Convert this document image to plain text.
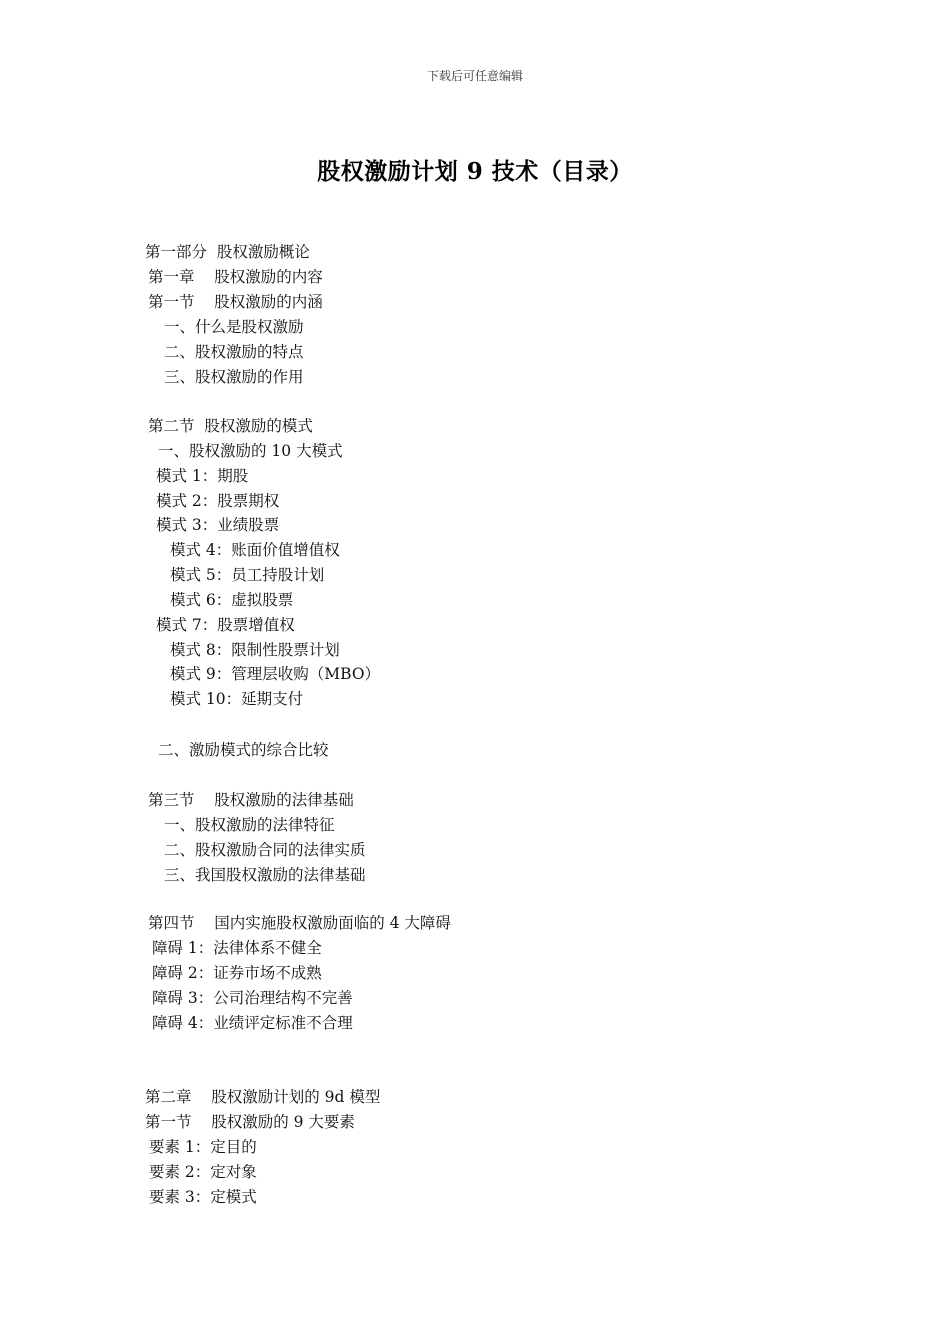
下载后可任意编辑
股权激励计划 9 技术（目录）
第一部分  股权激励概论
第一章    股权激励的内容
第一节    股权激励的内涵
一、什么是股权激励
二、股权激励的特点
三、股权激励的作用
第二节  股权激励的模式
一、股权激励的 10 大模式
模式 1：期股
模式 2：股票期权
模式 3：业绩股票
模式 4：账面价值增值权
模式 5：员工持股计划
模式 6：虚拟股票
模式 7：股票增值权
模式 8：限制性股票计划
模式 9：管理层收购（MBO）
模式 10：延期支付
二、激励模式的综合比较
第三节    股权激励的法律基础
一、股权激励的法律特征
二、股权激励合同的法律实质
三、我国股权激励的法律基础
第四节    国内实施股权激励面临的 4 大障碍
障碍 1：法律体系不健全
障碍 2：证券市场不成熟
障碍 3：公司治理结构不完善
障碍 4：业绩评定标准不合理
第二章    股权激励计划的 9d 模型
第一节    股权激励的 9 大要素
要素 1：定目的
要素 2：定对象
要素 3：定模式
